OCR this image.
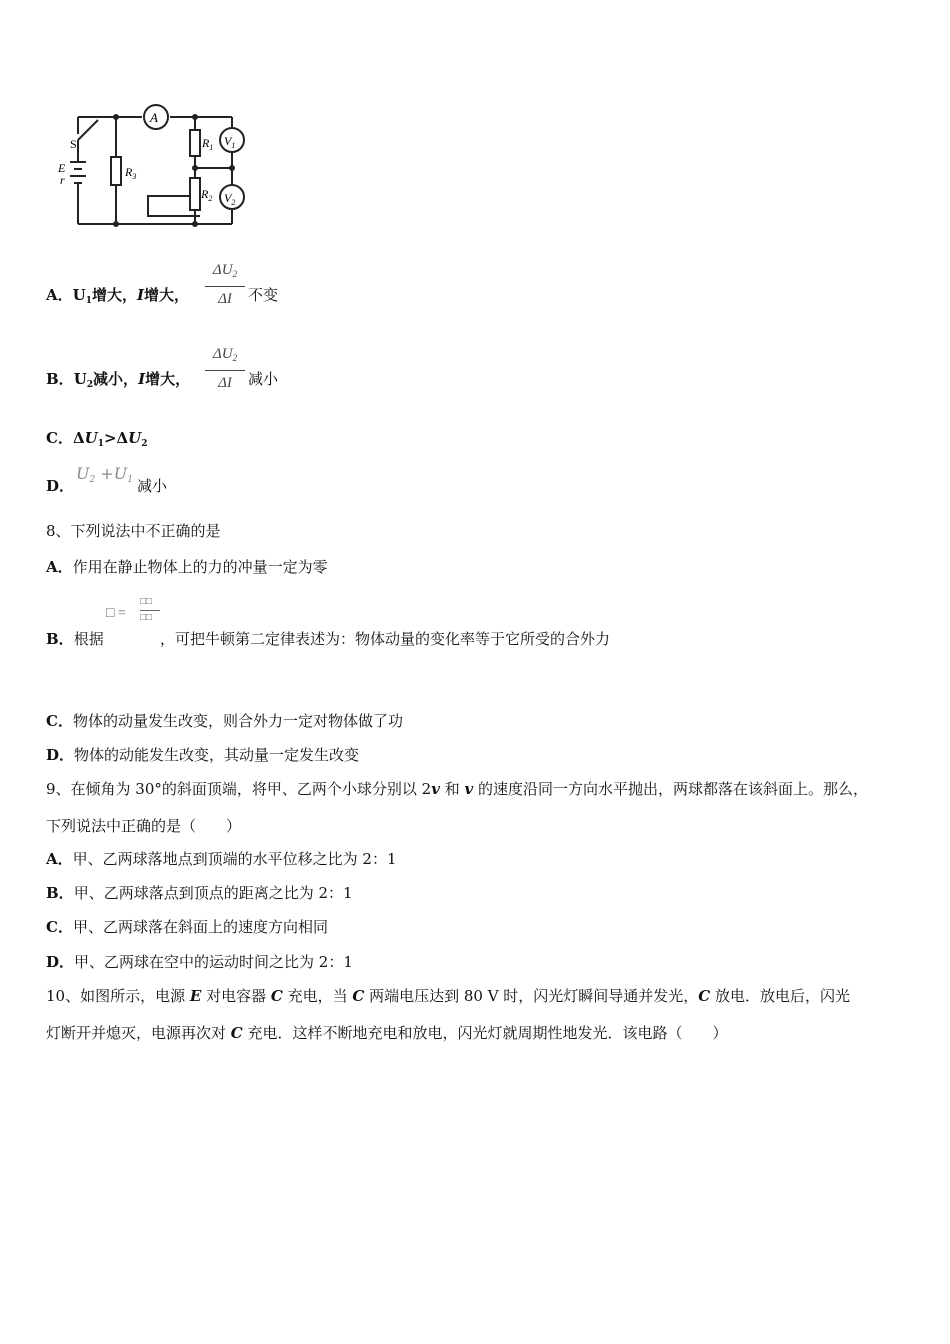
A
$V_1$
$V_2$
S
E
r
$R_3$
$R_1$
$R_2$
A．$U_1$增大，I增大，
$\Delta U_2$
ΔI	不变
B．$U_2$减小，I增大，
$\Delta U_2$
ΔI	减小
C．$\Delta U_1>\Delta U_2$
D．
$U_2 +U_1$ 减小
8、下列说法中不正确的是
A．作用在静止物体上的力的冲量一定为零
□ =
□□
□□
B．根据	，可把牛顿第二定律表述为：物体动量的变化率等于它所受的合外力
C．物体的动量发生改变，则合外力一定对物体做了功
D．物体的动能发生改变，其动量一定发生改变
9、在倾角为 30°的斜面顶端，将甲、乙两个小球分别以 2v 和 v 的速度沿同一方向水平抛出，两球都落在该斜面上。那么，
下列说法中正确的是（　　）
A．甲、乙两球落地点到顶端的水平位移之比为 2：1
B．甲、乙两球落点到顶点的距离之比为 2：1
C．甲、乙两球落在斜面上的速度方向相同
D．甲、乙两球在空中的运动时间之比为 2：1
10、如图所示，电源 E 对电容器 C 充电，当 C 两端电压达到 80 V 时，闪光灯瞬间导通并发光，C 放电．放电后，闪光
灯断开并熄灭，电源再次对 C 充电．这样不断地充电和放电，闪光灯就周期性地发光．该电路（　　）
